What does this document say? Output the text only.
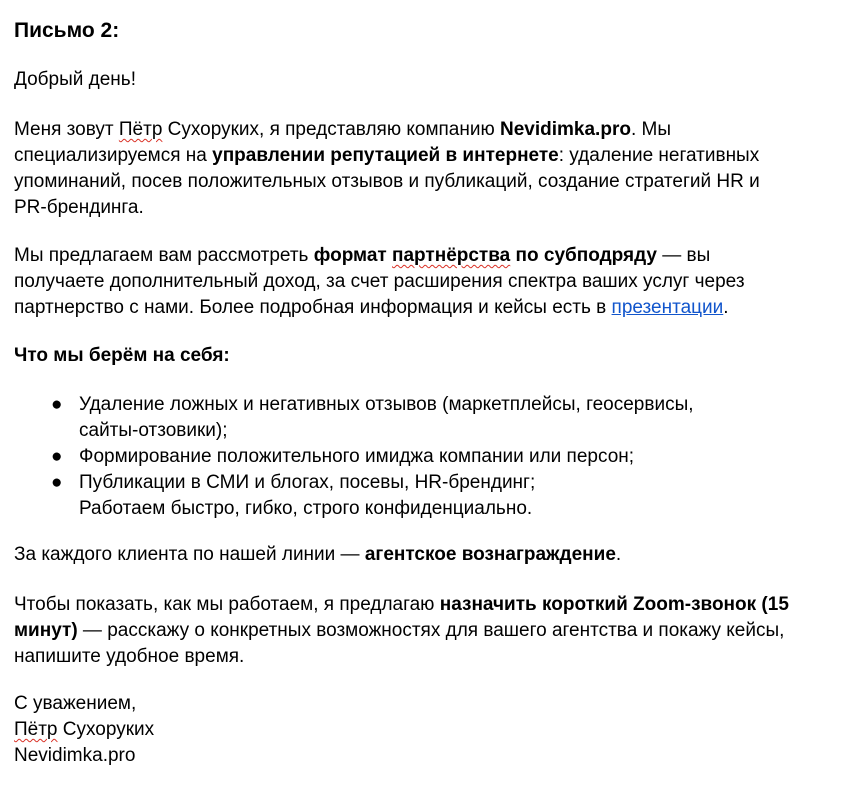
Письмо 2:
Добрый день!
Меня зовут Пётр Сухоруких, я представляю компанию Nevidimka.pro. Мы
специализируемся на управлении репутацией в интернете: удаление негативных
упоминаний, посев положительных отзывов и публикаций, создание стратегий HR и
PR-брендинга.
Мы предлагаем вам рассмотреть формат партнёрства по субподряду — вы
получаете дополнительный доход, за счет расширения спектра ваших услуг через
партнерство с нами. Более подробная информация и кейсы есть в презентации.
Что мы берём на себя:
● Удаление ложных и негативных отзывов (маркетплейсы, геосервисы,
сайты-отзовики);
● Формирование положительного имиджа компании или персон;
● Публикации в СМИ и блогах, посевы, HR-брендинг;
Работаем быстро, гибко, строго конфиденциально.
За каждого клиента по нашей линии — агентское вознаграждение.
Чтобы показать, как мы работаем, я предлагаю назначить короткий Zoom-звонок (15
минут) — расскажу о конкретных возможностях для вашего агентства и покажу кейсы,
напишите удобное время.
С уважением,
Пётр Сухоруких
Nevidimka.pro
